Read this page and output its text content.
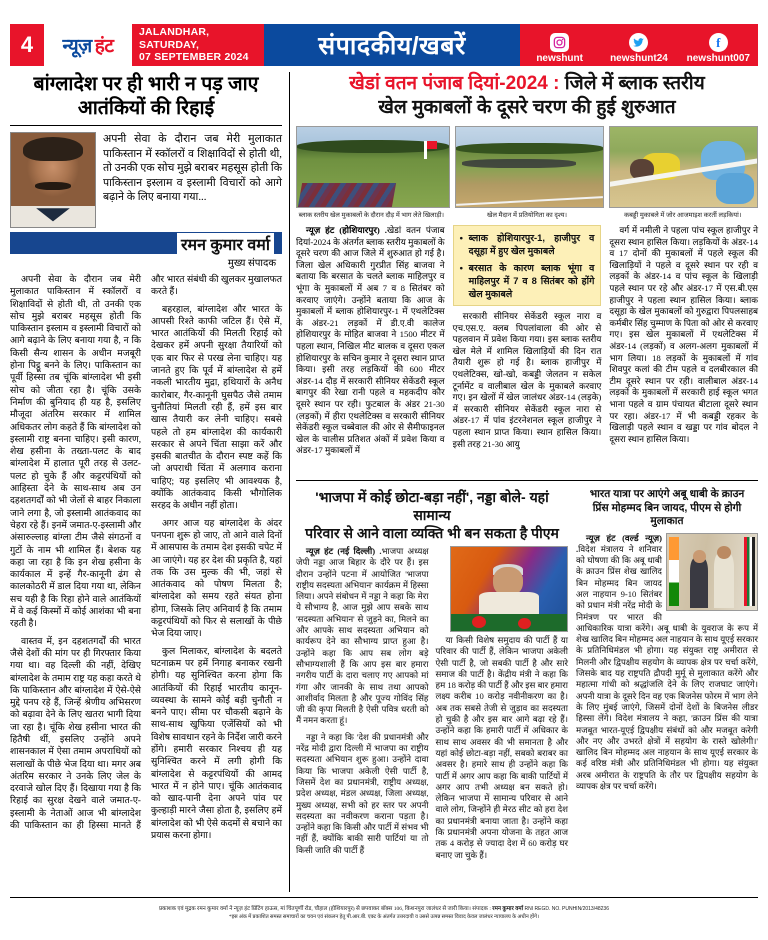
4	न्यूज़ हंट
JALANDHAR, SATURDAY,
07 SEPTEMBER 2024	संपादकीय/खबरें	newshunt	newshunt24
f
newshunt007
बांग्लादेश पर ही भारी न पड़ जाए
आतंकियों की रिहाई
अपनी सेवा के दौरान जब मेरी मुलाकात पाकिस्तान में स्कॉलरों व शिक्षाविदों से होती थी, तो उनकी एक सोच मुझे बराबर महसूस होती कि पाकिस्तान इस्लाम व इस्लामी विचारों को आगे बढ़ाने के लिए बनाया गया...
रमन कुमार वर्मा
मुख्य संपादक

अपनी सेवा के दौरान जब मेरी मुलाकात पाकिस्तान में स्कॉलरों व शिक्षाविदों से होती थी, तो उनकी एक सोच मुझे बराबर महसूस होती कि पाकिस्तान इस्लाम व इस्लामी विचारों को आगे बढ़ाने के लिए बनाया गया है, न कि किसी सैन्य शासन के अधीन मजबूरी होना पिट्ठू बनने के लिए। पाकिस्तान का पूर्वी हिस्सा तब चूंकि बांग्लादेश भी इसी सोच को जीता रहा है। चूंकि उसके निर्माण की बुनियाद ही यह है, इसलिए मौजूदा अंतरिम सरकार में शामिल अधिकतर लोग कहते हैं कि बांग्लादेश को इस्लामी राष्ट्र बनना चाहिए। इसी कारण, शेख हसीना के तख्ता-पलट के बाद बांग्लादेश में हालात पूरी तरह से उलट-पलट हो चुके हैं और कट्टरपंथियों को आहिस्ता देने के साथ-साथ अब उन दहशतगर्दों को भी जेलों से बाहर निकाला जाने लगा है, जो इस्लामी आतंकवाद का चेहरा रहे हैं। इनमें जमात-ए-इस्लामी और अंसारुल्लाह बांग्ला टीम जैसे संगठनों व गुटों के नाम भी शामिल हैं। बेशक यह कहा जा रहा है कि इन शेख हसीना के कार्यकाल में इन्हें गैर-कानूनी ढंग से कालकोठरी में डाल दिया गया था, लेकिन सच यही है कि रिहा होने वाले आतंकियों में वे कई किस्मों में कोई आशंका भी बना रहती है।

वास्तव में, इन दहशतगर्दों की भारत जैसे देशों की मांग पर ही गिरफ्तार किया गया था। वह दिल्ली की नहीं, देखिए बांग्लादेश के तमाम राष्ट्र यह कहा करते थे कि पाकिस्तान और बांग्लादेश में ऐसे-ऐसे मुद्दे पनप रहे हैं, जिन्हें श्रेणीय अभिसरण को बढ़ावा देने के लिए खतरा भागी दिया जा रहा है। चूंकि शेख हसीना भारत की हितैषी थीं, इसलिए उन्होंने अपने शासनकाल में ऐसा तमाम अपराधियों को सलाखों के पीछे भेज दिया था। मगर अब अंतरिम सरकार ने उनके लिए जेल के दरवाजे खोल दिए हैं। दिखाया गया है कि रिहाई का सुरक्ष देखने वाले जमात-ए-इस्लामी के नेताओं आज भी बांग्लादेश की पाकिस्तान का ही हिस्सा मानते हैं और भारत संबंधी की खुलकर मुखालफत करते हैं।

बहरहाल, बांग्लादेश और भारत के आपसी रिश्ते काफी जटिल हैं। ऐसे में, भारत आतंकियों की मिलती रिहाई को देखकर हमें अपनी सुरक्षा तैयारियों को एक बार फिर से परख लेना चाहिए। यह जानते हुए कि पूर्व में बांग्लादेश से हमें नकली भारतीय मुद्रा, हथियारों के अनैध कारोबार, गैर-कानूनी घुसपैठ जैसे तमाम चुनौतियां मिलती रही हैं, हमें इस बार खास तैयारी कर लेनी चाहिए। सबसे पहले तो हम बांग्लादेश की कार्यकारी सरकार से अपने चिंता साझा करें और इसकी बातचीत के दौरान स्पष्ट कहें कि जो अपराधी चिंता में अलगाव कराना चाहिए; यह इसलिए भी आवश्यक है, क्योंकि आतंकवाद किसी भौगोलिक सरहद के अधीन नहीं होता।

अगर आज यह बांग्लादेश के अंदर पनपना शुरू हो जाए, तो आने वाले दिनों में आसपास के तमाम देश इसकी चपेट में आ जाएंगे। यह हर देश की प्रकृति है, यहां तक कि उस मुल्क की भी, जहां से आतंकवाद को पोषण मिलता है; बांग्लादेश को समय रहते संयत होना होगा, जिसके लिए अनिवार्य है कि तमाम कट्टरपंथियों को फिर से सलाखों के पीछे भेज दिया जाए।

कुल मिलाकर, बांग्लादेश के बदलते घटनाक्रम पर हमें निगाह बनाकर रखनी होगी। यह सुनिश्चित करना होगा कि आतंकियों की रिहाई भारतीय कानून-व्यवस्था के सामने कोई बड़ी चुनौती न बनने पाए। सीमा पर चौकसी बढ़ाने के साथ-साथ खुफिया एजेंसियों को भी विशेष सावधान रहने के निर्देश जारी करने होंगे। हमारी सरकार निश्चय ही यह सुनिश्चित करने में लगी होगी कि बांग्लादेश से कट्टरपंथियों की आमद भारत में न होने पाए। चूंकि आतंकवाद को खाद-पानी देना अपने पांव पर कुल्हाड़ी मारने जैसा होता है, इसलिए हमें बांग्लादेश को भी ऐसे कदमों से बचाने का प्रयास करना होगा।

खेडां वतन पंजाब दियां-2024 : जिले में ब्लाक स्तरीय
खेल मुकाबलों के दूसरे चरण की हुई शुरुआत
ब्लाक स्तरीय खेल मुकाबलों के दौरान दौड़ में भाग लेते खिलाड़ी।	खेल मैदान में प्रतियोगिता का दृश्य।	कबड्डी मुकाबले में जोर आजमाइश करतीं लड़कियां।

न्यूज़ हंट (होशियारपुर) .खेडां वतन पंजाब दियां-2024 के अंतर्गत ब्लाक स्तरीय मुकाबलों के दूसरे चरण की आज जिले में शुरुआत हो गई है। जिला खेल अधिकारी गुरप्रीत सिंह बाजवा ने बताया कि बरसात के चलते ब्लाक माहिलपुर व भूंगा के मुकाबलों में अब 7 व 8 सितंबर को करवाए जाएंगे। उन्होंने बताया कि आज के मुकाबलों में ब्लाक होशियारपुर-1 में एथलेटिक्स के अंडर-21 लड़कों में डी.ए.वी कालेज होशियारपुर के मोहित बाजवा ने 1500 मीटर में पहला स्थान, निखिल मीट बालक व दूसरा एकल होशियारपुर के सचिन कुमार ने दूसरा स्थान प्राप्त किया। इसी तरह लड़कियों की 600 मीटर अंडर-14 दौड़ में सरकारी सीनियर सेकेंडरी स्कूल बागपुर की रेखा रानी पहले व महकदीप कौर दूसरे स्थान पर रही। फुटबाल के अंडर 21-30 (लड़कों) में हीरा एथलेटिक्स व सरकारी सीनियर सेकेंडरी स्कूल चब्बेवाल की ओर से सैमीफाइनल खेल के चालीस प्रतिशत अंकों में प्रवेश किया व अंडर-17 मुकाबलों में

• ब्लाक होशियारपुर-1, हाजीपुर व दसूहा में हुए खेल मुकाबले
• बरसात के कारण ब्लाक भूंगा व माहिलपुर में 7 व 8 सितंबर को होंगे खेल मुकाबले

सरकारी सीनियर सेकेंडरी स्कूल नारा व एच.एस.ए. क्लब पिपलांवाला की ओर से पहलवान में प्रवेश किया गया। इस ब्लाक स्तरीय खेल मेले में शामिल खिलाड़ियों की दिन रात तैयारी शुरू हो गई है। ब्लाक हाजीपुर में एथलेटिक्स, खो-खो, कबड्डी जेलतन न सकेल टूर्नामेंट व वालीबाल खेल के मुकाबले करवाए गए। इन खेलों में खेल जालंधर अंडर-14 (लड़के) में सरकारी सीनियर सेकेंडरी स्कूल नारा से अंडर-17 में पांव इंटरनेशनल स्कूल हाजीपुर ने पहला स्थान प्राप्त किया। स्थान हासिल किया। इसी तरह 21-30 आयु

वर्ग में नमीली ने पहला पांच स्कूल हाजीपुर ने दूसरा स्थान हासिल किया। लड़कियों के अंडर-14 व 17 दोनों की मुकाबलों में पहले स्कूल की खिलाड़ियों ने पहले व दूसरे स्थान पर रही व लड़कों के अंडर-14 व पांच स्कूल के खिलाड़ी पहले स्थान पर रहे और अंडर-17 में एस.बी.एस हाजीपुर ने पहला स्थान हासिल किया। ब्लाक दसूहा के खेल मुकाबलों को गुरुद्वारा पिपलसाहब कर्मबीर सिंह चुम्माण के पिता को ओर से करवाए गए। इस खेल मुकाबलों में एथलेटिक्स में अंडर-14 (लड़कों) व अलग-अलग मुकाबलों में भाग लिया। 18 लड़कों के मुकाबलों में गांव शिवपुर कलां की टीम पहले व दलबीरकाल की टीम दूसरे स्थान पर रही। वालीबाल अंडर-14 लड़कों के मुकाबलों में सरकारी हाई स्कूल भगत भाना पहले व ग्राम पंचायत बीटाला दूसरे स्थान पर रहा। अंडर-17 में भी कबड्डी रहकर के खिलाड़ी पहले स्थान व खड्डा पर गांव बोदल ने दूसरा स्थान हासिल किया।

'भाजपा में कोई छोटा-बड़ा नहीं', नड्डा बोले- यहां सामान्य
परिवार से आने वाला व्यक्ति भी बन सकता है पीएम

न्यूज़ हंट (नई दिल्ली) .भाजपा अध्यक्ष जेपी नड्डा आज बिहार के दौरे पर हैं। इस दौरान उन्होंने पटना में आयोजित 'भाजपा राष्ट्रीय सदस्यता अभियान' कार्यक्रम में हिस्सा लिया। अपने संबोधन में नड्डा ने कहा कि मेरा ये सौभाग्य है, आज मुझे आप सबके साथ 'सदस्यता अभियान' से जुड़ने का, मिलने का और आपके साथ सदस्यता अभियान को कार्यरूप देने का सौभाग्य प्राप्त हुआ है। उन्होंने कहा कि आप सब लोग बड़े सौभाग्यशाली हैं कि आप इस बार हमारा नगरीय पार्टी के दारा चलाए गए आपको मां गंगा और जानकी के साथ तथा आपको आशीर्वाद मिलता है और पूज्य गोविंद सिंह जी की कृपा मिलती है ऐसी पवित्र धरती को मैं नमन करता हूं।

नड्डा ने कहा कि 'देश की प्रधानमंत्री और नरेंद्र मोदी द्वारा दिल्ली में भाजपा का राष्ट्रीय सदस्यता अभियान शुरू हुआ। उन्होंने दावा किया कि भाजपा अकेली ऐसी पार्टी है, जिसमें देश का प्रधानमंत्री, राष्ट्रीय अध्यक्ष, प्रदेश अध्यक्ष, मंडल अध्यक्ष, जिला अध्यक्ष, मुख्य अध्यक्ष, सभी को हर स्तर पर अपनी सदस्यता का नवीकरण कराना पड़ता है। उन्होंने कहा कि किसी और पार्टी में संभव भी नहीं हैं, क्योंकि बाकी सारी पार्टियां या तो किसी जाति की पार्टी हैं

या किसी विशेष समुदाय की पार्टी हैं या परिवार की पार्टी हैं, लेकिन भाजपा अकेली ऐसी पार्टी है, जो सबकी पार्टी है और सारे समाज की पार्टी है। केंद्रीय मंत्री ने कहा कि हम 18 करोड़ की पार्टी हैं और इस बार हमारा लक्ष्य करीब 10 करोड़ नवीनीकरण का है। अब तक सबसे तेजी से जुड़ाव का सदस्यता हो चुकी है और इस बार आगे बढ़ा रहे हैं। उन्होंने कहा कि हमारी पार्टी में अधिकार के साथ साथ अवसर की भी समानता है और यहां कोई छोटा-बड़ा नहीं, सबको बराबर का अवसर है। हमारे साथ ही उन्होंने कहा कि पार्टी में अगर आप कहा कि बाकी पार्टियों में अगर आप तभी अध्यक्ष बन सकते हो। लेकिन भाजपा में सामान्य परिवार से आने वाले लोग, जिन्होंने ही मेरठ सीट को हरा देश का प्रधानमंत्री बनाया जाता है। उन्होंने कहा कि प्रधानमंत्री अपना योजना के तहत आज तक 4 करोड़ से ज्यादा देश में 60 करोड़ घर बनाए जा चुके हैं।

भारत यात्रा पर आएंगे अबू धाबी के क्राउन
प्रिंस मोहम्मद बिन जायद, पीएम से होगी मुलाकात

न्यूज़ हंट (वर्ल्ड न्यूज़) .विदेश मंत्रालय ने शनिवार को घोषणा की कि अबू धाबी के क्राउन प्रिंस शेख खालिद बिन मोहम्मद बिन जायद अल नाहयान 9-10 सितंबर को प्रधान मंत्री नरेंद्र मोदी के निमंत्रण पर भारत की आधिकारिक यात्रा करेंगे। अबू धाबी के युवराज के रूप में शेख खालिद बिन मोहम्मद अल नाहयान के साथ यूएई सरकार के प्रतिनिधिमंडल भी होगा। यह संयुक्त राष्ट्र अमीरात से मिलनी और द्विपक्षीय सहयोग के व्यापक क्षेत्र पर चर्चा करेंगे, जिसके बाद यह राष्ट्रपति द्रौपदी मुर्मू से मुलाकात करेंगे और महात्मा गांधी को श्रद्धांजलि देने के लिए राजघाट जाएंगे। अपनी यात्रा के दूसरे दिन वह एक बिजनेस फोरम में भाग लेने के लिए मुंबई जाएंगे, जिसमें दोनों देशों के बिजनेस लीडर हिस्सा लेंगे। विदेश मंत्रालय ने कहा, 'क्राउन प्रिंस की यात्रा मजबूत भारत-यूएई द्विपक्षीय संबंधों को और मजबूत करेगी और नए और उभरते क्षेत्रों में सहयोग के रास्ते खोलेगी।' खालिद बिन मोहम्मद अल नाहयान के साथ यूएई सरकार के कई वरिष्ठ मंत्री और प्रतिनिधिमंडल भी होगा। यह संयुक्त अरब अमीरात के राष्ट्रपति के तौर पर द्विपक्षीय सहयोग के व्यापक क्षेत्र पर चर्चा करेंगे।

प्रकाशक एवं मुद्रक रमन कुमार वर्मा ने न्यूज़ हंट प्रिंटिंग हाऊस, मां चिंतपूर्णी रोड, चौहाल (होशियारपुर) से छपवाकर बॉक्स 106, किशनपुरा जालंधर से जारी किया। संपादक : रमन कुमार वर्मा RNI REGD. NO. PUNHIN/2013/48236
*इस अंक में प्रकाशित समस्त समाचारों का चयन एवं संकलन हेतु पी.आर.बी. एक्ट के अंतर्गत उत्तरदायी व उससे उत्पन्न समस्त विवाद केवल जालंधर न्यायालय के अधीन होंगे।
